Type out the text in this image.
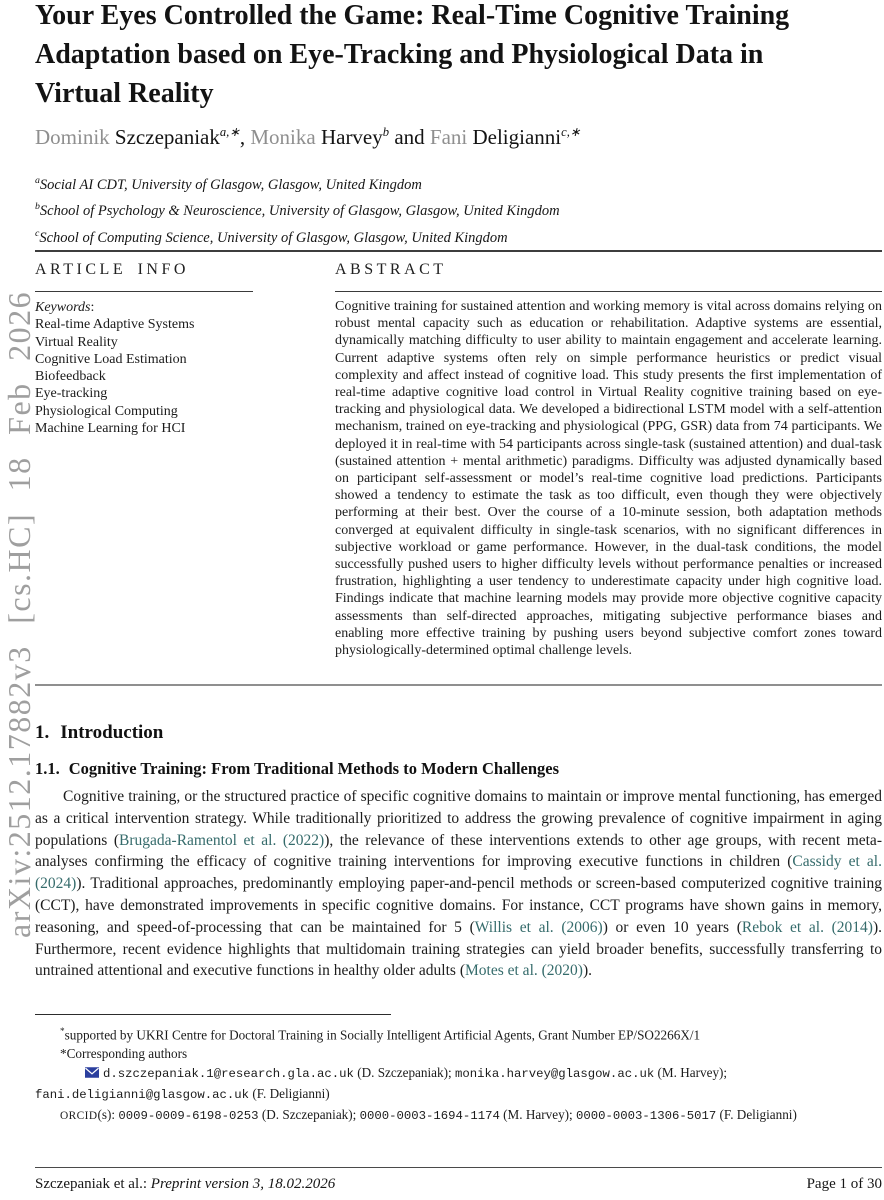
arXiv:2512.17882v3 [cs.HC] 18 Feb 2026
Your Eyes Controlled the Game: Real-Time Cognitive Training Adaptation based on Eye-Tracking and Physiological Data in Virtual Reality
Dominik Szczepaniak$^{a,∗}$, Monika Harvey$^b$ and Fani Deligianni$^{c,∗}$
$^a$Social AI CDT, University of Glasgow, Glasgow, United Kingdom
$^b$School of Psychology & Neuroscience, University of Glasgow, Glasgow, United Kingdom
$^c$School of Computing Science, University of Glasgow, Glasgow, United Kingdom
ARTICLE INFO
Keywords:
Real-time Adaptive Systems
Virtual Reality
Cognitive Load Estimation
Biofeedback
Eye-tracking
Physiological Computing
Machine Learning for HCI
ABSTRACT
Cognitive training for sustained attention and working memory is vital across domains relying on robust mental capacity such as education or rehabilitation. Adaptive systems are essential, dynamically matching difficulty to user ability to maintain engagement and accelerate learning. Current adaptive systems often rely on simple performance heuristics or predict visual complexity and affect instead of cognitive load. This study presents the first implementation of real-time adaptive cognitive load control in Virtual Reality cognitive training based on eye-tracking and physiological data. We developed a bidirectional LSTM model with a self-attention mechanism, trained on eye-tracking and physiological (PPG, GSR) data from 74 participants. We deployed it in real-time with 54 participants across single-task (sustained attention) and dual-task (sustained attention + mental arithmetic) paradigms. Difficulty was adjusted dynamically based on participant self-assessment or model’s real-time cognitive load predictions. Participants showed a tendency to estimate the task as too difficult, even though they were objectively performing at their best. Over the course of a 10-minute session, both adaptation methods converged at equivalent difficulty in single-task scenarios, with no significant differences in subjective workload or game performance. However, in the dual-task conditions, the model successfully pushed users to higher difficulty levels without performance penalties or increased frustration, highlighting a user tendency to underestimate capacity under high cognitive load. Findings indicate that machine learning models may provide more objective cognitive capacity assessments than self-directed approaches, mitigating subjective performance biases and enabling more effective training by pushing users beyond subjective comfort zones toward physiologically-determined optimal challenge levels.
1. Introduction
1.1. Cognitive Training: From Traditional Methods to Modern Challenges

Cognitive training, or the structured practice of specific cognitive domains to maintain or improve mental functioning, has emerged as a critical intervention strategy. While traditionally prioritized to address the growing prevalence of cognitive impairment in aging populations (Brugada-Ramentol et al. (2022)), the relevance of these interventions extends to other age groups, with recent meta-analyses confirming the efficacy of cognitive training interventions for improving executive functions in children (Cassidy et al. (2024)). Traditional approaches, predominantly employing paper-and-pencil methods or screen-based computerized cognitive training (CCT), have demonstrated improvements in specific cognitive domains. For instance, CCT programs have shown gains in memory, reasoning, and speed-of-processing that can be maintained for 5 (Willis et al. (2006)) or even 10 years (Rebok et al. (2014)). Furthermore, recent evidence highlights that multidomain training strategies can yield broader benefits, successfully transferring to untrained attentional and executive functions in healthy older adults (Motes et al. (2020)).

*supported by UKRI Centre for Doctoral Training in Socially Intelligent Artificial Agents, Grant Number EP/SO2266X/1
*Corresponding authors
d.szczepaniak.1@research.gla.ac.uk (D. Szczepaniak); monika.harvey@glasgow.ac.uk (M. Harvey); fani.deligianni@glasgow.ac.uk (F. Deligianni)
ORCID(s): 0009-0009-6198-0253 (D. Szczepaniak); 0000-0003-1694-1174 (M. Harvey); 0000-0003-1306-5017 (F. Deligianni)
Szczepaniak et al.: Preprint version 3, 18.02.2026	Page 1 of 30
